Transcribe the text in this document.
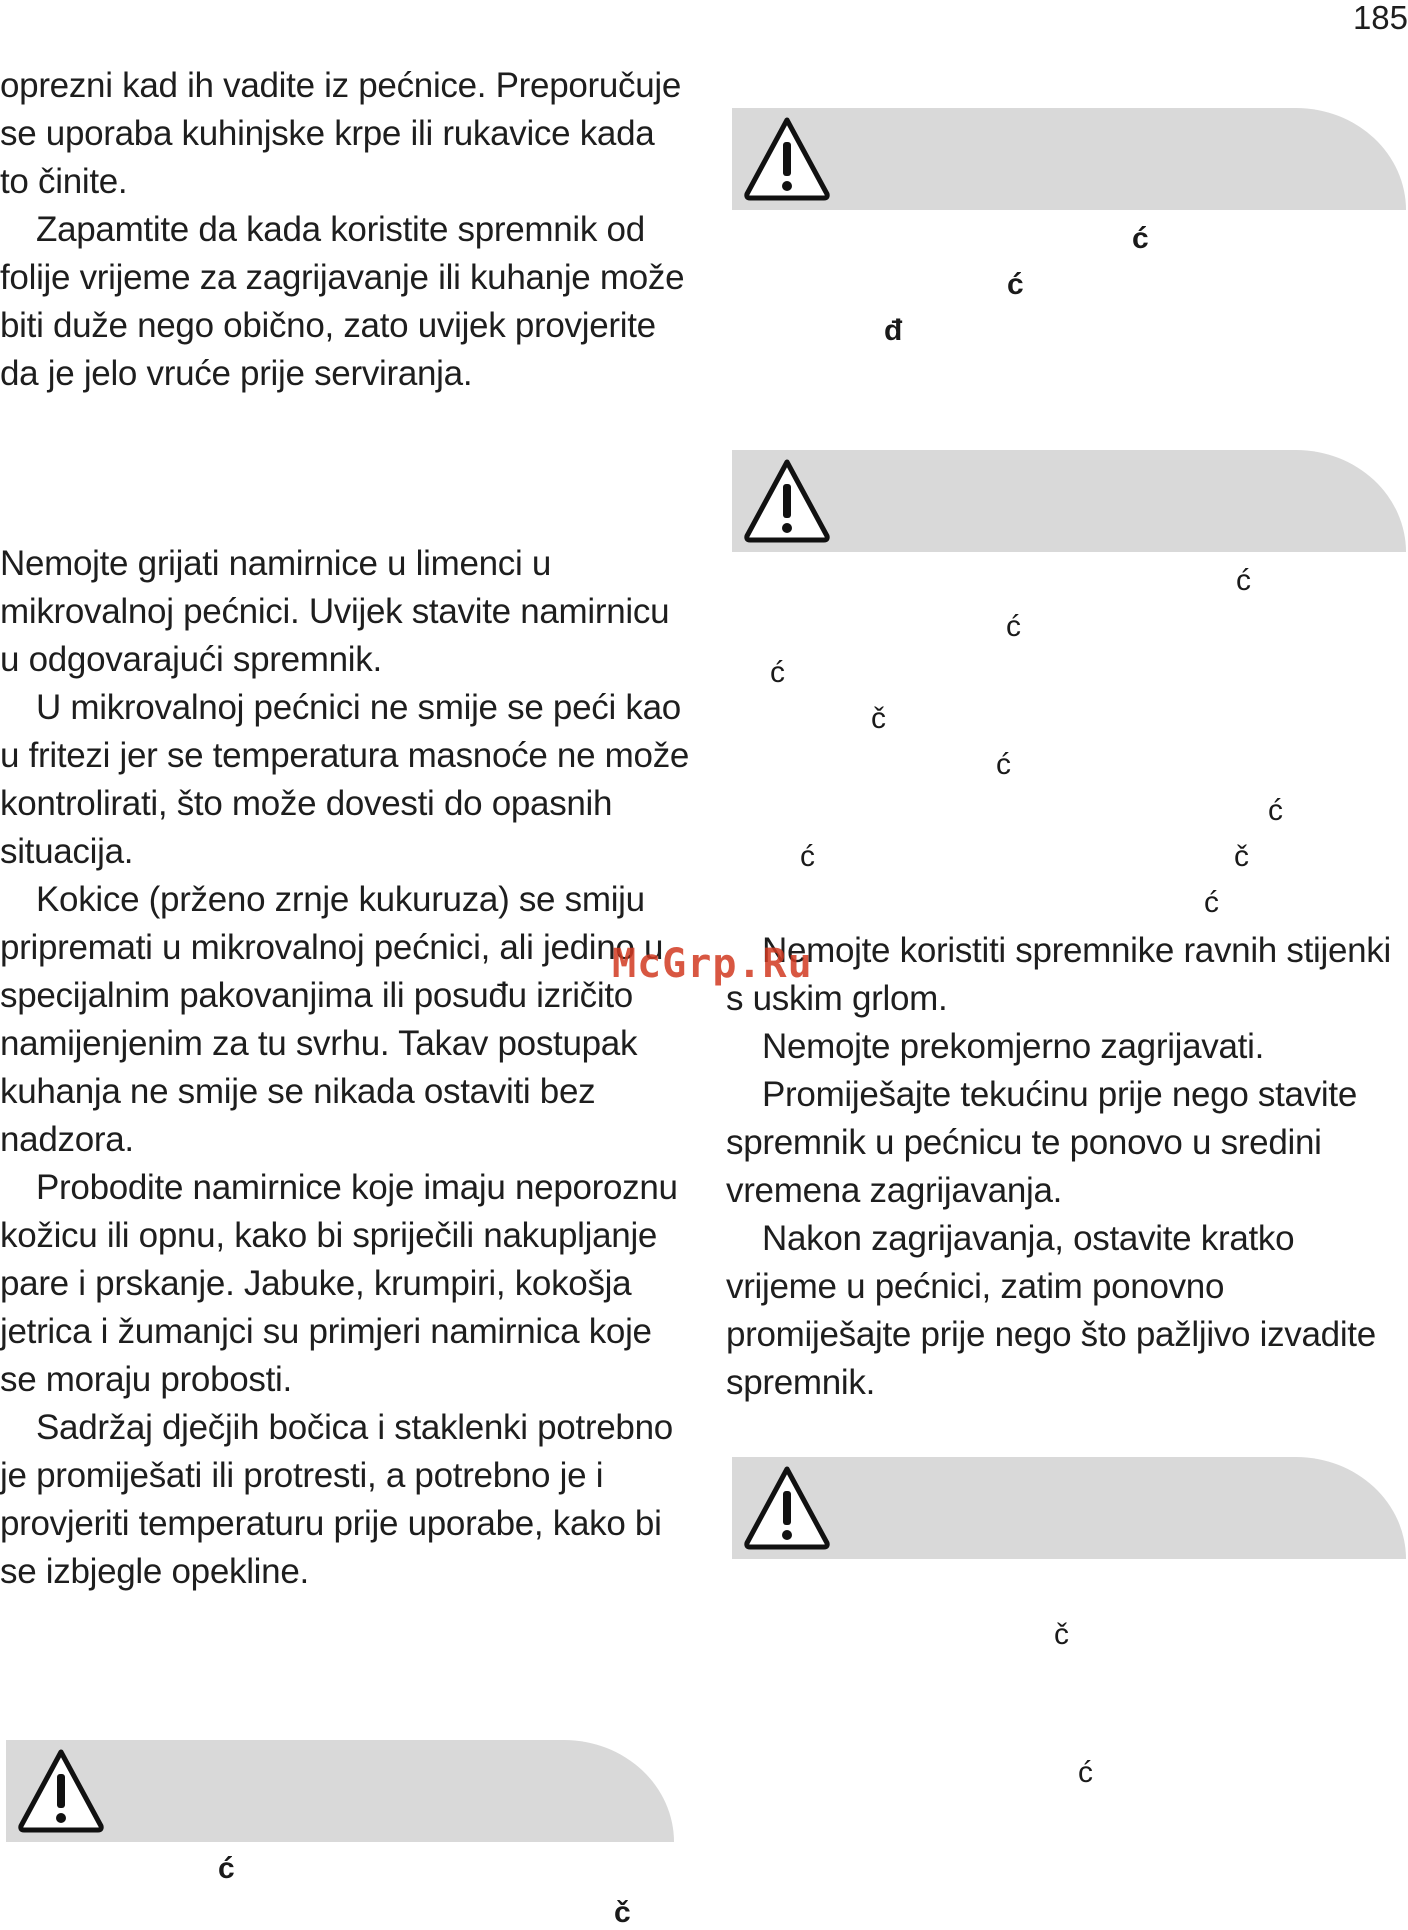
185

oprezni kad ih vadite iz pećnice. Preporučuje se uporaba kuhinjske krpe ili rukavice kada to činite.

Zapamtite da kada koristite spremnik od folije vrijeme za zagrijavanje ili kuhanje može biti duže nego obično, zato uvijek provjerite da je jelo vruće prije serviranja.

Nemojte grijati namirnice u limenci u mikrovalnoj pećnici. Uvijek stavite namirnicu u odgovarajući spremnik.

U mikrovalnoj pećnici ne smije se peći kao u fritezi jer se temperatura masnoće ne može kontrolirati, što može dovesti do opasnih situacija.

Kokice (prženo zrnje kukuruza) se smiju pripremati u mikrovalnoj pećnici, ali jedino u specijalnim pakovanjima ili posuđu izričito namijenjenim za tu svrhu. Takav postupak kuhanja ne smije se nikada ostaviti bez nadzora.

Probodite namirnice koje imaju neporoznu kožicu ili opnu, kako bi spriječili nakupljanje pare i prskanje. Jabuke, krumpiri, kokošja jetrica i žumanjci su primjeri namirnica koje se moraju probosti.

Sadržaj dječjih bočica i staklenki potrebno je promiješati ili protresti, a potrebno je i provjeriti temperaturu prije uporabe, kako bi se izbjegle opekline.

Nemojte koristiti spremnike ravnih stijenki s uskim grlom.

Nemojte prekomjerno zagrijavati.

Promiješajte tekućinu prije nego stavite spremnik u pećnicu te ponovo u sredini vremena zagrijavanja.

Nakon zagrijavanja, ostavite kratko vrijeme u pećnici, zatim ponovno promiješajte prije nego što pažljivo izvadite spremnik.

ć
ć
đ
ć
ć
ć
č
ć
ć
ć	č
ć
č
ć
ć
č
McGrp.Ru
